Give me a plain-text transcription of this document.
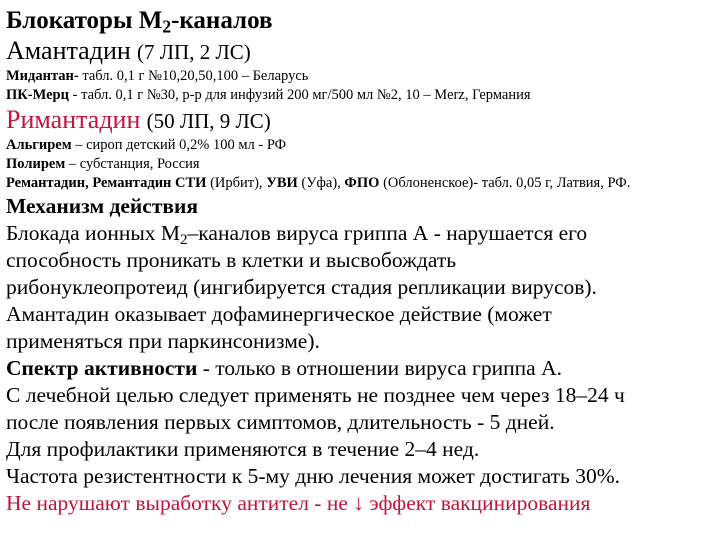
Блокаторы $М_2$-каналов
Амантадин (7 ЛП, 2 ЛС)
Мидантан- табл. 0,1 г №10,20,50,100 – Беларусь
ПК-Мерц - табл. 0,1 г №30, р-р для инфузий 200 мг/500 мл №2, 10 – Merz, Германия
Римантадин (50 ЛП, 9 ЛС)
Альгирем – сироп детский 0,2% 100 мл - РФ
Полирем – субстанция, Россия
Ремантадин, Ремантадин СТИ (Ирбит), УВИ (Уфа), ФПО (Облоненское)- табл. 0,05 г, Латвия, РФ.
Механизм действия
Блокада ионных $М_2$–каналов вируса гриппа А - нарушается его
способность проникать в клетки и высвобождать
рибонуклеопротеид (ингибируется стадия репликации вирусов).
Амантадин оказывает дофаминергическое действие (может
применяться при паркинсонизме).
Спектр активности - только в отношении вируса гриппа А.
С лечебной целью следует применять не позднее чем через 18–24 ч
после появления первых симптомов, длительность - 5 дней.
Для профилактики применяются в течение 2–4 нед.
Частота резистентности к 5-му дню лечения может достигать 30%.
Не нарушают выработку антител - не ↓ эффект вакцинирования
